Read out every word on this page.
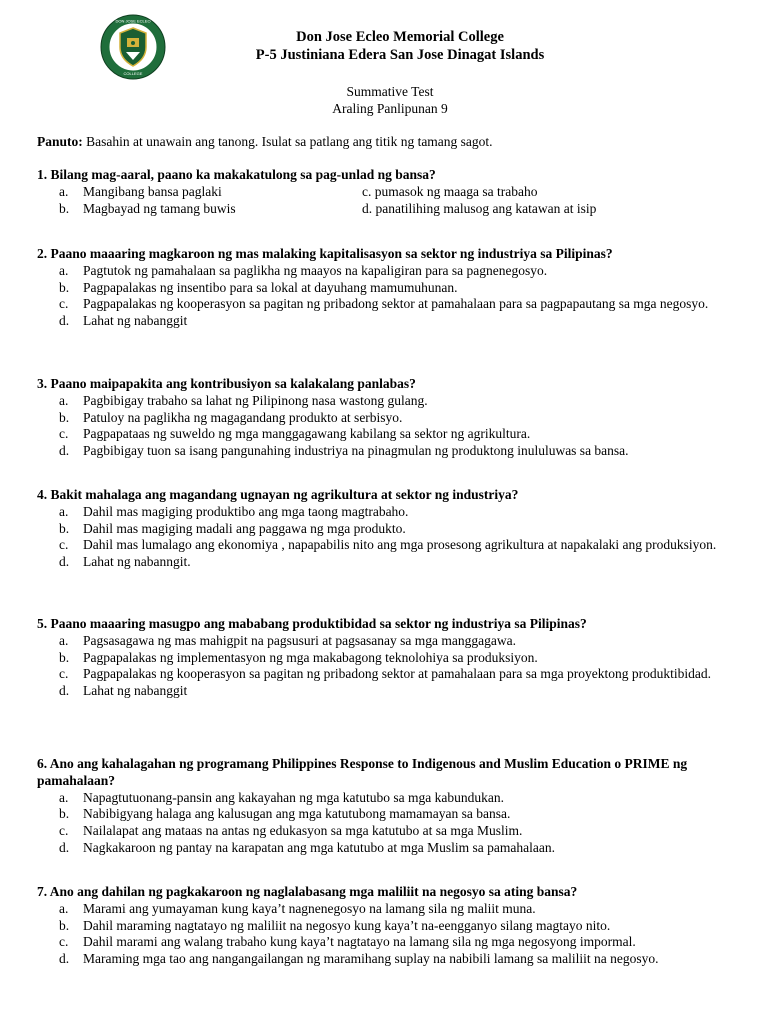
DON JOSE ECLEO
COLLEGE
Don Jose Ecleo Memorial College
P-5 Justiniana Edera San Jose Dinagat Islands
Summative Test
Araling Panlipunan 9
Panuto: Basahin at unawain ang tanong. Isulat sa patlang ang titik ng tamang sagot.
1. Bilang mag-aaral, paano ka makakatulong sa pag-unlad ng bansa?
a. Mangibang bansa paglaki
b. Magbayad ng tamang buwis
c. pumasok ng maaga sa trabaho
d. panatilihing malusog ang katawan at isip
2. Paano maaaring magkaroon ng mas malaking kapitalisasyon sa sektor ng industriya sa Pilipinas?
a. Pagtutok ng pamahalaan sa paglikha ng maayos na kapaligiran para sa pagnenegosyo.
b. Pagpapalakas ng insentibo para sa lokal at dayuhang mamumuhunan.
c. Pagpapalakas ng kooperasyon sa pagitan ng pribadong sektor at pamahalaan para sa pagpapautang sa mga negosyo.
d. Lahat ng nabanggit
3. Paano maipapakita ang kontribusiyon sa kalakalang panlabas?
a. Pagbibigay trabaho sa lahat ng Pilipinong nasa wastong gulang.
b. Patuloy na paglikha ng magagandang produkto at serbisyo.
c. Pagpapataas ng suweldo ng mga manggagawang kabilang sa sektor ng agrikultura.
d. Pagbibigay tuon sa isang pangunahing industriya na pinagmulan ng produktong inululuwas sa bansa.
4. Bakit mahalaga ang magandang ugnayan ng agrikultura at sektor ng industriya?
a. Dahil mas magiging produktibo ang mga taong magtrabaho.
b. Dahil mas magiging madali ang paggawa ng mga produkto.
c. Dahil mas lumalago ang ekonomiya , napapabilis nito ang mga prosesong agrikultura at napakalaki ang produksiyon.
d. Lahat ng nabanngit.
5. Paano maaaring masugpo ang mababang produktibidad sa sektor ng industriya sa Pilipinas?
a. Pagsasagawa ng mas mahigpit na pagsusuri at pagsasanay sa mga manggagawa.
b. Pagpapalakas ng implementasyon ng mga makabagong teknolohiya sa produksiyon.
c. Pagpapalakas ng kooperasyon sa pagitan ng pribadong sektor at pamahalaan para sa mga proyektong produktibidad.
d. Lahat ng nabanggit
6. Ano ang kahalagahan ng programang Philippines Response to Indigenous and Muslim Education o PRIME ng pamahalaan?
a. Napagtutuonang-pansin ang kakayahan ng mga katutubo sa mga kabundukan.
b. Nabibigyang halaga ang kalusugan ang mga katutubong mamamayan sa bansa.
c. Nailalapat ang mataas na antas ng edukasyon sa mga katutubo at sa mga Muslim.
d. Nagkakaroon ng pantay na karapatan ang mga katutubo at mga Muslim sa pamahalaan.
7. Ano ang dahilan ng pagkakaroon ng naglalabasang mga maliliit na negosyo sa ating bansa?
a. Marami ang yumayaman kung kaya’t nagnenegosyo na lamang sila ng maliit muna.
b. Dahil maraming nagtatayo ng maliliit na negosyo kung kaya’t na-eengganyo silang magtayo nito.
c. Dahil marami ang walang trabaho kung kaya’t nagtatayo na lamang sila ng mga negosyong impormal.
d. Maraming mga tao ang nangangailangan ng maramihang suplay na nabibili lamang sa maliliit na negosyo.
